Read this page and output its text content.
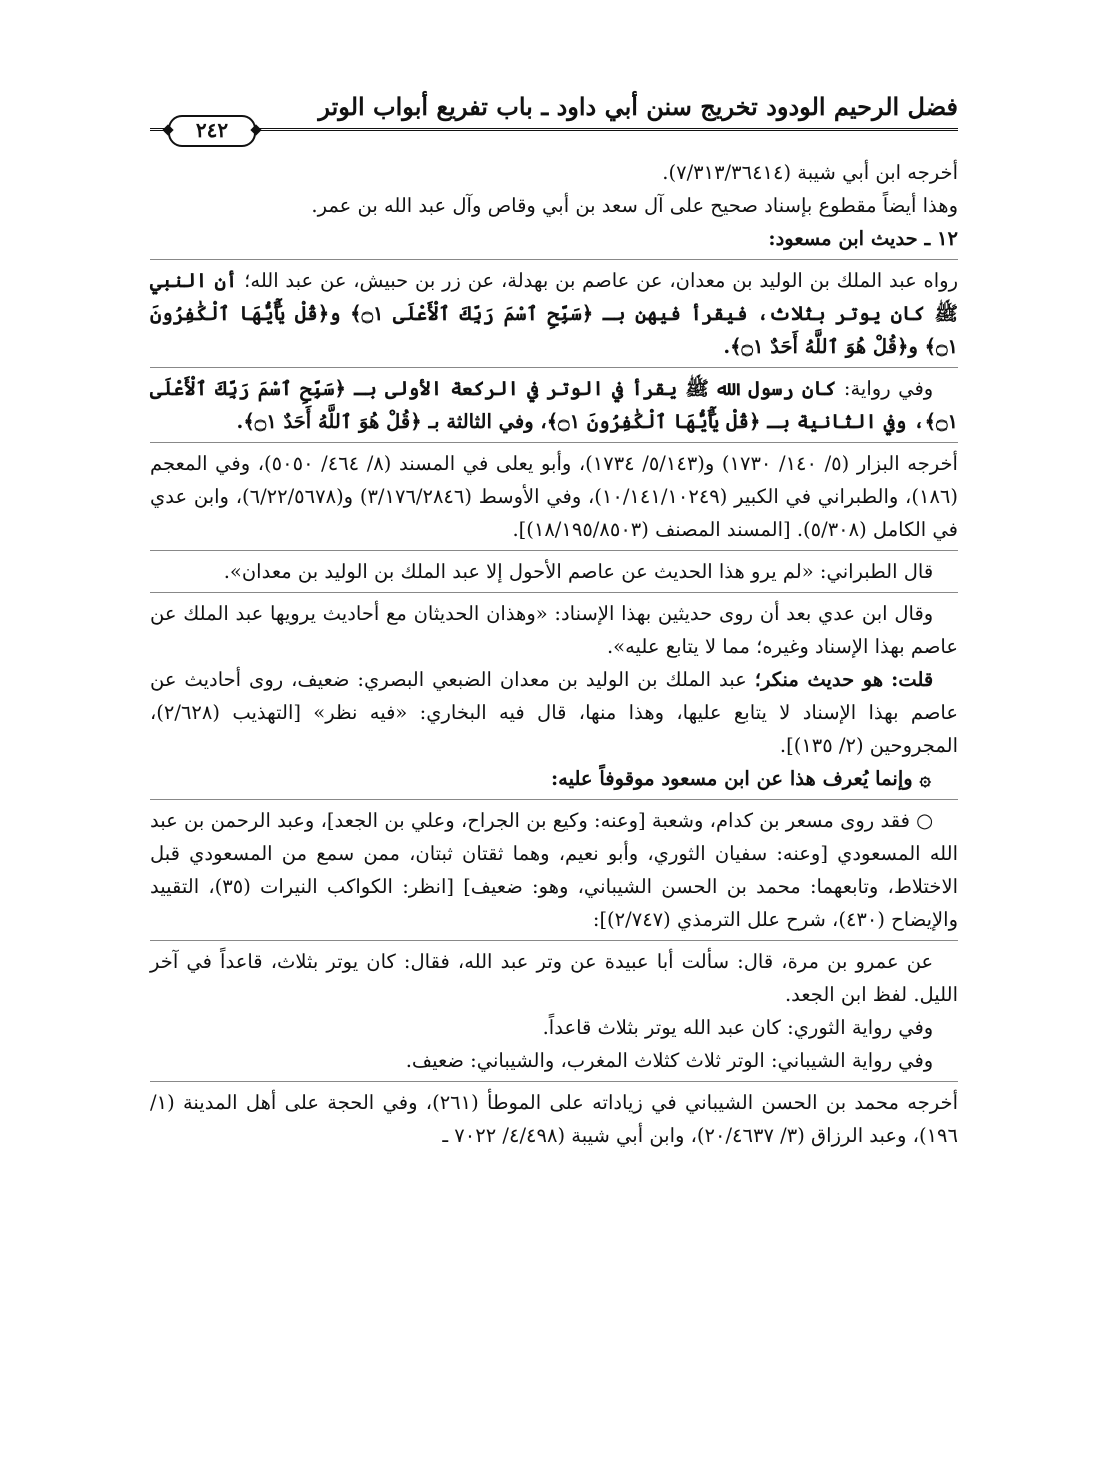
فضل الرحيم الودود تخريج سنن أبي داود ـ باب تفريع أبواب الوتر
٢٤٢

أخرجه ابن أبي شيبة (٧/٣١٣/٣٦٤١٤).

وهذا أيضاً مقطوع بإسناد صحيح على آل سعد بن أبي وقاص وآل عبد الله بن عمر.

١٢ ـ حديث ابن مسعود:

رواه عبد الملك بن الوليد بن معدان، عن عاصم بن بهدلة، عن زر بن حبيش، عن عبد الله؛ أن النبي ﷺ كان يوتر بثلاث، فيقرأ فيهن بـ ﴿سَبِّحِ ٱسْمَ رَبِّكَ ٱلْأَعْلَى ۝١﴾ و﴿قُلْ يَٰٓأَيُّهَا ٱلْكَٰفِرُونَ ۝١﴾ و﴿قُلْ هُوَ ٱللَّهُ أَحَدٌ ۝١﴾.

وفي رواية: كان رسول الله ﷺ يقرأ في الوتر في الركعة الأولى بـ ﴿سَبِّحِ ٱسْمَ رَبِّكَ ٱلْأَعْلَى ۝١﴾، وفي الثانية بـ ﴿قُلْ يَٰٓأَيُّهَا ٱلْكَٰفِرُونَ ۝١﴾، وفي الثالثة بـ ﴿قُلْ هُوَ ٱللَّهُ أَحَدٌ ۝١﴾.

أخرجه البزار (٥/ ١٤٠/ ١٧٣٠) و(٥/١٤٣/ ١٧٣٤)، وأبو يعلى في المسند (٨/ ٤٦٤/ ٥٠٥٠)، وفي المعجم (١٨٦)، والطبراني في الكبير (١٠/١٤١/١٠٢٤٩)، وفي الأوسط (٣/١٧٦/٢٨٤٦) و(٦/٢٢/٥٦٧٨)، وابن عدي في الكامل (٥/٣٠٨). [المسند المصنف (١٨/١٩٥/٨٥٠٣)].

قال الطبراني: «لم يرو هذا الحديث عن عاصم الأحول إلا عبد الملك بن الوليد بن معدان».

وقال ابن عدي بعد أن روى حديثين بهذا الإسناد: «وهذان الحديثان مع أحاديث يرويها عبد الملك عن عاصم بهذا الإسناد وغيره؛ مما لا يتابع عليه».

قلت: هو حديث منكر؛ عبد الملك بن الوليد بن معدان الضبعي البصري: ضعيف، روى أحاديث عن عاصم بهذا الإسناد لا يتابع عليها، وهذا منها، قال فيه البخاري: «فيه نظر» [التهذيب (٢/٦٢٨)، المجروحين (٢/ ١٣٥)].

۞ وإنما يُعرف هذا عن ابن مسعود موقوفاً عليه:

○ فقد روى مسعر بن كدام، وشعبة [وعنه: وكيع بن الجراح، وعلي بن الجعد]، وعبد الرحمن بن عبد الله المسعودي [وعنه: سفيان الثوري، وأبو نعيم، وهما ثقتان ثبتان، ممن سمع من المسعودي قبل الاختلاط، وتابعهما: محمد بن الحسن الشيباني، وهو: ضعيف] [انظر: الكواكب النيرات (٣٥)، التقييد والإيضاح (٤٣٠)، شرح علل الترمذي (٢/٧٤٧)]:

عن عمرو بن مرة، قال: سألت أبا عبيدة عن وتر عبد الله، فقال: كان يوتر بثلاث، قاعداً في آخر الليل. لفظ ابن الجعد.

وفي رواية الثوري: كان عبد الله يوتر بثلاث قاعداً.

وفي رواية الشيباني: الوتر ثلاث كثلاث المغرب، والشيباني: ضعيف.

أخرجه محمد بن الحسن الشيباني في زياداته على الموطأ (٢٦١)، وفي الحجة على أهل المدينة (١/ ١٩٦)، وعبد الرزاق (٣/ ٢٠/٤٦٣٧)، وابن أبي شيبة (٤/٤٩٨/ ٧٠٢٢ ـ
